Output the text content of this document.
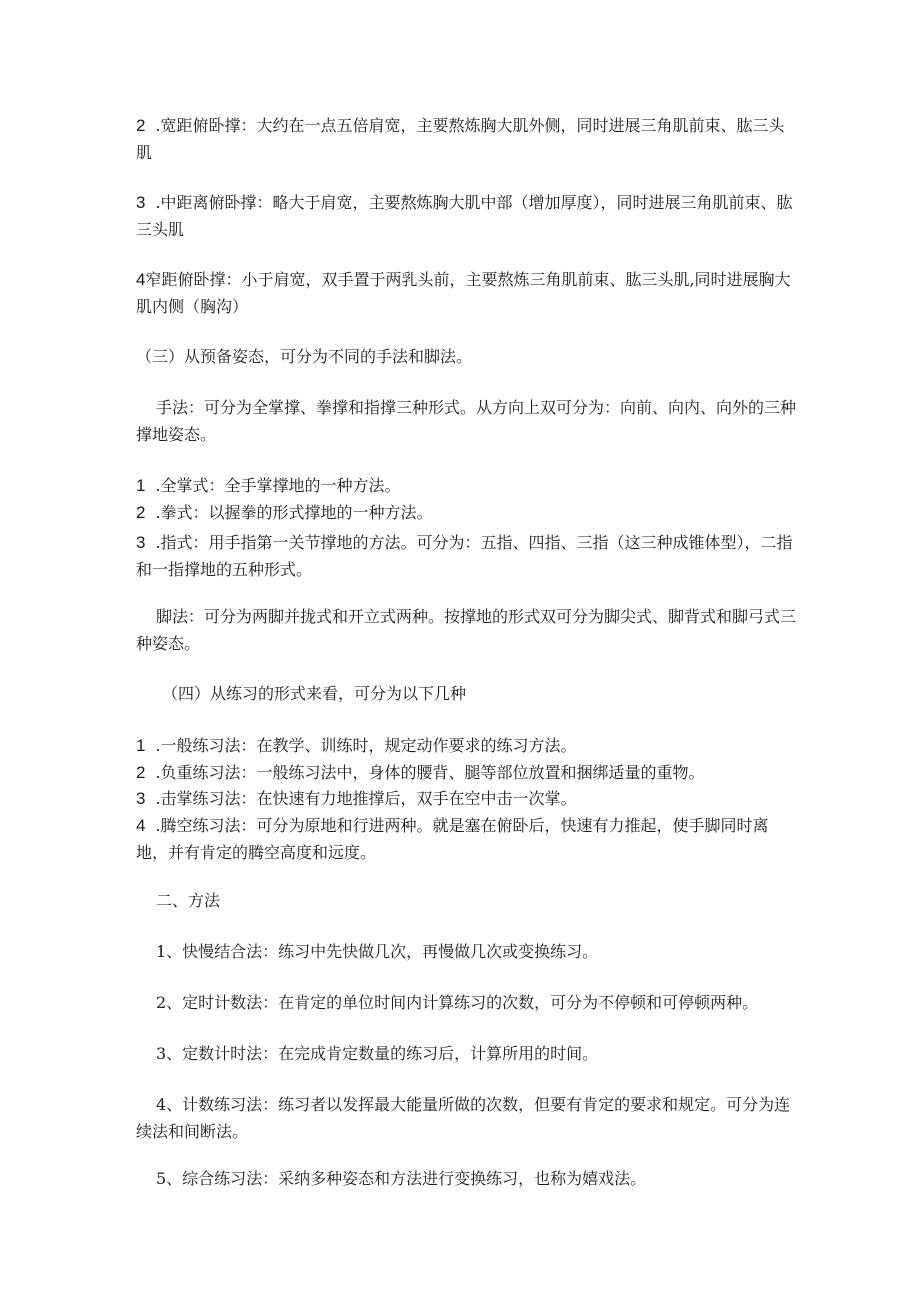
2 .宽距俯卧撑：大约在一点五倍肩宽，主要熬炼胸大肌外侧，同时进展三角肌前束、肱三头肌

3 .中距离俯卧撑：略大于肩宽，主要熬炼胸大肌中部（增加厚度），同时进展三角肌前束、肱三头肌

4窄距俯卧撑：小于肩宽，双手置于两乳头前，主要熬炼三角肌前束、肱三头肌,同时进展胸大肌内侧（胸沟）

（三）从预备姿态，可分为不同的手法和脚法。

手法：可分为全掌撑、拳撑和指撑三种形式。从方向上双可分为：向前、向内、向外的三种撑地姿态。

1 .全掌式：全手掌撑地的一种方法。

2 .拳式：以握拳的形式撑地的一种方法。

3 .指式：用手指第一关节撑地的方法。可分为：五指、四指、三指（这三种成锥体型），二指和一指撑地的五种形式。

脚法：可分为两脚并拢式和开立式两种。按撑地的形式双可分为脚尖式、脚背式和脚弓式三种姿态。

（四）从练习的形式来看，可分为以下几种

1 .一般练习法：在教学、训练时，规定动作要求的练习方法。

2 .负重练习法：一般练习法中，身体的腰背、腿等部位放置和捆绑适量的重物。

3 .击掌练习法：在快速有力地推撑后，双手在空中击一次掌。

4 .腾空练习法：可分为原地和行进两种。就是塞在俯卧后，快速有力推起，使手脚同时离地，并有肯定的腾空高度和远度。

二、方法

1、快慢结合法：练习中先快做几次，再慢做几次或变换练习。

2、定时计数法：在肯定的单位时间内计算练习的次数，可分为不停顿和可停顿两种。

3、定数计时法：在完成肯定数量的练习后，计算所用的时间。

4、计数练习法：练习者以发挥最大能量所做的次数，但要有肯定的要求和规定。可分为连续法和间断法。

5、综合练习法：采纳多种姿态和方法进行变换练习，也称为嬉戏法。
